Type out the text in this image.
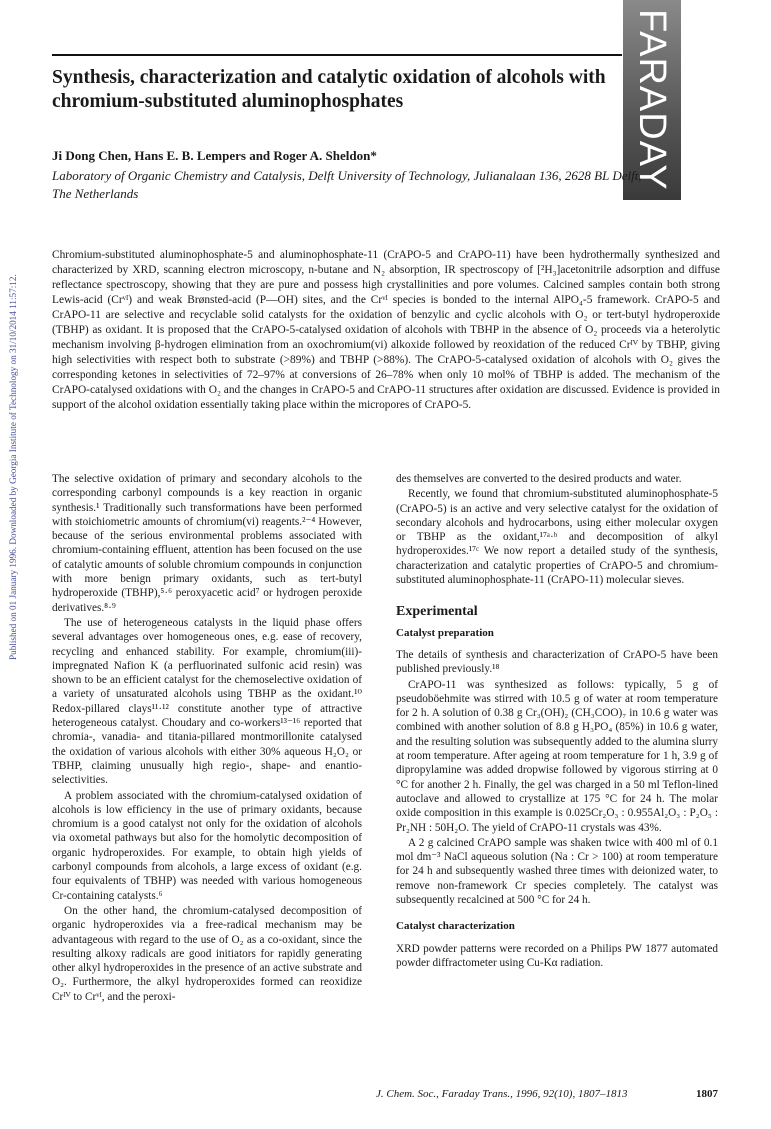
Published on 01 January 1996. Downloaded by Georgia Institute of Technology on 31/10/2014 11:57:12.
FARADAY
Synthesis, characterization and catalytic oxidation of alcohols with chromium-substituted aluminophosphates

Ji Dong Chen, Hans E. B. Lempers and Roger A. Sheldon*

Laboratory of Organic Chemistry and Catalysis, Delft University of Technology, Julianalaan 136, 2628 BL Delft, The Netherlands

Chromium-substituted aluminophosphate-5 and aluminophosphate-11 (CrAPO-5 and CrAPO-11) have been hydrothermally synthesized and characterized by XRD, scanning electron microscopy, n-butane and N₂ absorption, IR spectroscopy of [²H₃]acetonitrile adsorption and diffuse reflectance spectroscopy, showing that they are pure and possess high crystallinities and pore volumes. Calcined samples contain both strong Lewis-acid (Crᵛᴵ) and weak Brønsted-acid (P—OH) sites, and the Crᵛᴵ species is bonded to the internal AlPO₄-5 framework. CrAPO-5 and CrAPO-11 are selective and recyclable solid catalysts for the oxidation of benzylic and cyclic alcohols with O₂ or tert-butyl hydroperoxide (TBHP) as oxidant. It is proposed that the CrAPO-5-catalysed oxidation of alcohols with TBHP in the absence of O₂ proceeds via a heterolytic mechanism involving β-hydrogen elimination from an oxochromium(vi) alkoxide followed by reoxidation of the reduced Crᴵⱽ by TBHP, giving high selectivities with respect both to substrate (>89%) and TBHP (>88%). The CrAPO-5-catalysed oxidation of alcohols with O₂ gives the corresponding ketones in selectivities of 72–97% at conversions of 26–78% when only 10 mol% of TBHP is added. The mechanism of the CrAPO-catalysed oxidations with O₂ and the changes in CrAPO-5 and CrAPO-11 structures after oxidation are discussed. Evidence is provided in support of the alcohol oxidation essentially taking place within the micropores of CrAPO-5.

The selective oxidation of primary and secondary alcohols to the corresponding carbonyl compounds is a key reaction in organic synthesis.¹ Traditionally such transformations have been performed with stoichiometric amounts of chromium(vi) reagents.²⁻⁴ However, because of the serious environmental problems associated with chromium-containing effluent, attention has been focused on the use of catalytic amounts of soluble chromium compounds in conjunction with more benign primary oxidants, such as tert-butyl hydroperoxide (TBHP),⁵·⁶ peroxyacetic acid⁷ or hydrogen peroxide derivatives.⁸·⁹

The use of heterogeneous catalysts in the liquid phase offers several advantages over homogeneous ones, e.g. ease of recovery, recycling and enhanced stability. For example, chromium(iii)-impregnated Nafion K (a perfluorinated sulfonic acid resin) was shown to be an efficient catalyst for the chemoselective oxidation of a variety of unsaturated alcohols using TBHP as the oxidant.¹⁰ Redox-pillared clays¹¹·¹² constitute another type of attractive heterogeneous catalyst. Choudary and co-workers¹³⁻¹⁶ reported that chromia-, vanadia- and titania-pillared montmorillonite catalysed the oxidation of various alcohols with either 30% aqueous H₂O₂ or TBHP, claiming unusually high regio-, shape- and enantio-selectivities.

A problem associated with the chromium-catalysed oxidation of alcohols is low efficiency in the use of primary oxidants, because chromium is a good catalyst not only for the oxidation of alcohols via oxometal pathways but also for the homolytic decomposition of organic hydroperoxides. For example, to obtain high yields of carbonyl compounds from alcohols, a large excess of oxidant (e.g. four equivalents of TBHP) was needed with various homogeneous Cr-containing catalysts.⁶

On the other hand, the chromium-catalysed decomposition of organic hydroperoxides via a free-radical mechanism may be advantageous with regard to the use of O₂ as a co-oxidant, since the resulting alkoxy radicals are good initiators for rapidly generating other alkyl hydroperoxides in the presence of an active substrate and O₂. Furthermore, the alkyl hydroperoxides formed can reoxidize Crᴵⱽ to Crᵛᴵ, and the peroxi-

des themselves are converted to the desired products and water.

Recently, we found that chromium-substituted aluminophosphate-5 (CrAPO-5) is an active and very selective catalyst for the oxidation of secondary alcohols and hydrocarbons, using either molecular oxygen or TBHP as the oxidant,¹⁷ᵃ·ᵇ and decomposition of alkyl hydroperoxides.¹⁷ᶜ We now report a detailed study of the synthesis, characterization and catalytic properties of CrAPO-5 and chromium-substituted aluminophosphate-11 (CrAPO-11) molecular sieves.

Experimental
Catalyst preparation

The details of synthesis and characterization of CrAPO-5 have been published previously.¹⁸

CrAPO-11 was synthesized as follows: typically, 5 g of pseudoböehmite was stirred with 10.5 g of water at room temperature for 2 h. A solution of 0.38 g Cr₃(OH)₂ (CH₃COO)₇ in 10.6 g water was combined with another solution of 8.8 g H₃PO₄ (85%) in 10.6 g water, and the resulting solution was subsequently added to the alumina slurry at room temperature. After ageing at room temperature for 1 h, 3.9 g of dipropylamine was added dropwise followed by vigorous stirring at 0 °C for another 2 h. Finally, the gel was charged in a 50 ml Teflon-lined autoclave and allowed to crystallize at 175 °C for 24 h. The molar oxide composition in this example is 0.025Cr₂O₃ : 0.955Al₂O₃ : P₂O₅ : Pr₂NH : 50H₂O. The yield of CrAPO-11 crystals was 43%.

A 2 g calcined CrAPO sample was shaken twice with 400 ml of 0.1 mol dm⁻³ NaCl aqueous solution (Na : Cr > 100) at room temperature for 24 h and subsequently washed three times with deionized water, to remove non-framework Cr species completely. The catalyst was subsequently recalcined at 500 °C for 24 h.

Catalyst characterization

XRD powder patterns were recorded on a Philips PW 1877 automated powder diffractometer using Cu-Kα radiation.

J. Chem. Soc., Faraday Trans., 1996, 92(10), 1807–1813	1807
